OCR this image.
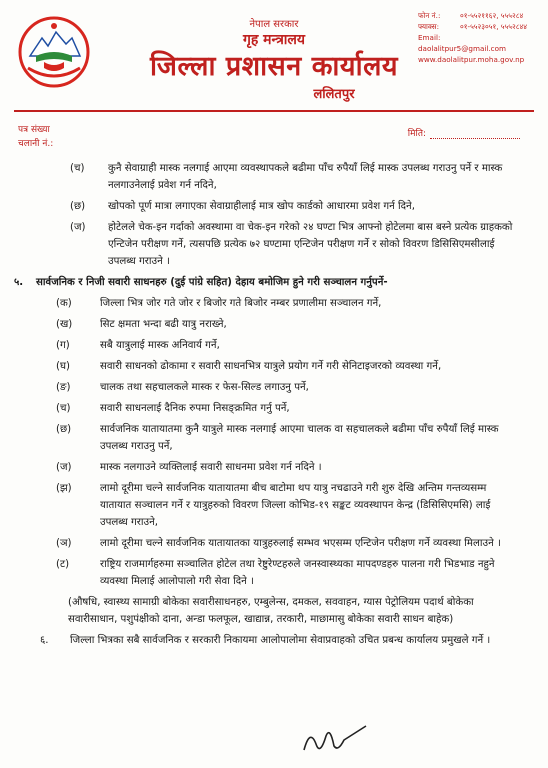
नेपाल सरकार
गृह मन्त्रालय
जिल्ला प्रशासन कार्यालय
ललितपुर
फोन नं.:	०१-५५२११६२, ५५५२८४
फ्याक्स:	०१-५५२३०५१, ५५५२८४४
Email:daolalitpur5@gmail.com
www.daolalitpur.moha.gov.np
पत्र संख्या
चलानी नं.:
मिति:
(च) कुनै सेवाग्राही मास्क नलगाई आएमा व्यवस्थापकले बढीमा पाँच रुपैयाँ लिई मास्क उपलब्ध गराउनु पर्ने र मास्क नलगाउनेलाई प्रवेश गर्न नदिने,
(छ) खोपको पूर्ण मात्रा लगाएका सेवाग्राहीलाई मात्र खोप कार्डको आधारमा प्रवेश गर्न दिने,
(ज) होटेलले चेक-इन गर्दाको अवस्थामा वा चेक-इन गरेको २४ घण्टा भित्र आफ्नो होटेलमा बास बस्ने प्रत्येक ग्राहकको एन्टिजेन परीक्षण गर्ने, त्यसपछि प्रत्येक ७२ घण्टामा एन्टिजेन परीक्षण गर्ने र सोको विवरण डिसिसिएमसीलाई उपलब्ध गराउने ।
५. सार्वजनिक र निजी सवारी साधनहरु (दुई पांग्रे सहित) देहाय बमोजिम हुने गरी सञ्चालन गर्नुपर्ने-
(क)	जिल्ला भित्र जोर गते जोर र बिजोर गते बिजोर नम्बर प्रणालीमा सञ्चालन गर्ने,
(ख)	सिट क्षमता भन्दा बढी यात्रु नराख्ने,
(ग)	सबै यात्रुलाई मास्क अनिवार्य गर्ने,
(घ)	सवारी साधनको ढोकामा र सवारी साधनभित्र यात्रुले प्रयोग गर्ने गरी सेनिटाइजरको व्यवस्था गर्ने,
(ङ)	चालक तथा सहचालकले मास्क र फेस-सिल्ड लगाउनु पर्ने,
(च)	सवारी साधनलाई दैनिक रुपमा निसङ्क्रमित गर्नु पर्ने,
(छ)	सार्वजनिक यातायातमा कुनै यात्रुले मास्क नलगाई आएमा चालक वा सहचालकले बढीमा पाँच रुपैयाँ लिई मास्क उपलब्ध गराउनु पर्ने,
(ज)	मास्क नलगाउने व्यक्तिलाई सवारी साधनमा प्रवेश गर्न नदिने ।
(झ)	लामो दूरीमा चल्ने सार्वजनिक यातायातमा बीच बाटोमा थप यात्रु नचढाउने गरी शुरु देखि अन्तिम गन्तव्यसम्म यातायात सञ्चालन गर्ने र यात्रुहरुको विवरण जिल्ला कोभिड-१९ सङ्कट व्यवस्थापन केन्द्र (डिसिसिएमसि) लाई उपलब्ध गराउने,
(ञ)	लामो दूरीमा चल्ने सार्वजनिक यातायातका यात्रुहरुलाई सम्भव भएसम्म एन्टिजेन परीक्षण गर्ने व्यवस्था मिलाउने ।
(ट)	राष्ट्रिय राजमार्गहरुमा सञ्चालित होटेल तथा रेष्टुरेण्टहरुले जनस्वास्थ्यका मापदण्डहरु पालना गरी भिडभाड नहुने व्यवस्था मिलाई आलोपालो गरी सेवा दिने ।
(औषधि, स्वास्थ्य सामाग्री बोकेका सवारीसाधनहरु, एम्बुलेन्स, दमकल, सववाहन, ग्यास पेट्रोलियम पदार्थ बोकेका सवारीसाधान, पशुपंक्षीको दाना, अन्डा फलफूल, खाद्यान्न, तरकारी, माछामासु बोकेका सवारी साधन बाहेक)
६. जिल्ला भित्रका सबै सार्वजनिक र सरकारी निकायमा आलोपालोमा सेवाप्रवाहको उचित प्रबन्ध कार्यालय प्रमुखले गर्ने ।
